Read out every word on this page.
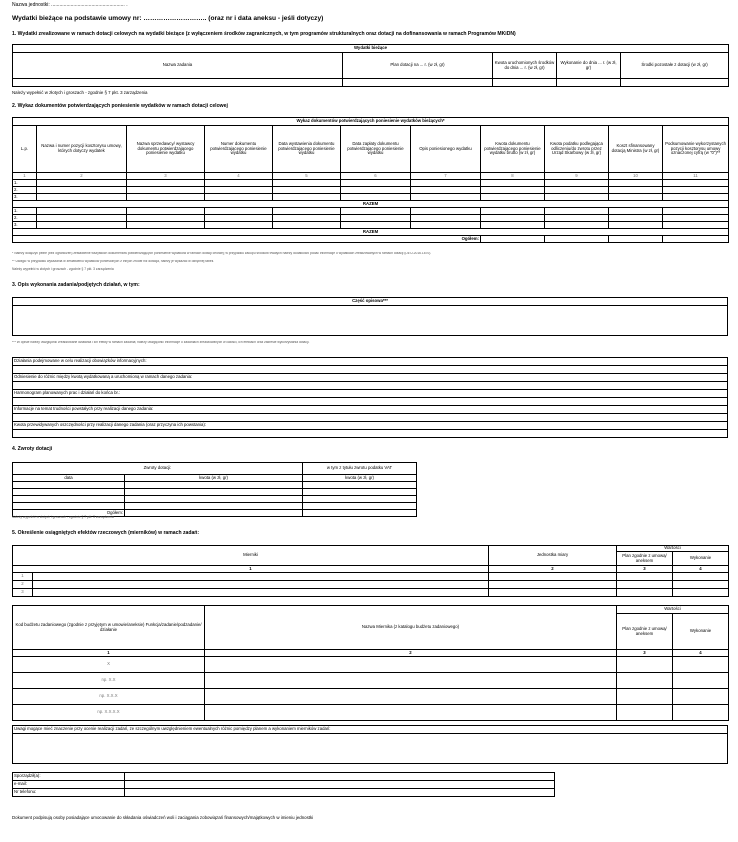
Nazwa jednostki: ..................................................... .
Wydatki bieżące na podstawie umowy nr: ……………………….. (oraz nr i data aneksu - jeśli dotyczy)
1. Wydatki zrealizowane w ramach dotacji celowych na wydatki bieżące (z wyłączeniem środków zagranicznych, w tym programów strukturalnych oraz dotacji na dofinansowania w ramach Programów MKiDN)
Wydatki bieżące				
Nazwa zadania	Plan dotacji na ... r. (w zł, gr)	Kwota uruchomionych środków do dnia ... r. (w zł, gr)	Wykonanie do dnia ... r. (w zł, gr)	Środki pozostałe z dotacji (w zł, gr)

Należy wypełnić w złotych i groszach - zgodnie § 7 pkt. 3 zarządzenia
2. Wykaz dokumentów potwierdzających poniesienie wydatków w ramach dotacji celowej
Wykaz dokumentów potwierdzających poniesienie wydatków bieżących*										
L.p.	Nazwa i numer pozycji kosztorysu umowy, których dotyczy wydatek	Nazwa sprzedawcy/ wystawcy dokumentu potwierdzającego poniesienie wydatku	Numer dokumentu potwierdzającego poniesienie wydatku	Data wystawienia dokumentu potwierdzającego poniesienie wydatku	Data zapłaty dokumentu potwierdzającego poniesienie wydatku	Opis poniesionego wydatku	Kwota dokumentu potwierdzającego poniesienie wydatku brutto (w zł, gr)	Kwota podatku podlegająca odliczeniu/do zwrotu przez Urząd Skarbowy (w zł, gr)	Koszt sfinansowany dotacją Ministra (w zł, gr)	Podsumowanie wykorzystanych pozycji kosztorysu umowy oznaczonej cyfrą (w "0")**
1	2	3	4	5	6	7	8	9	10	11
1.										
2.										
3.										
RAZEM										
1.										
2.										
3.										
RAZEM										
Ogółem:										
* Należy dołączyć pełne (bez ograniczeń) zestawienie wszystkich dokumentów potwierdzających poniesienie wydatków w ramach dotacji celowej; w przypadku zakupu środków trwałych należy dodatkowo podać informacje o wydatkach zrealizowanych w ramach dotacji (Dz.U.2016.1870).
** Uwaga: w przypadku wykazania w zestawieniu wydatków poniesionych z innych źródeł niż dotacja, należy je wykazać w odrębnej tabeli.
Należy wypełnić w złotych i groszach - zgodnie § 7 pkt. 3 zarządzenia
3. Opis wykonania zadania/podjętych działań, w tym:
Część opisowa***

*** W opisie należy uwzględnić zrealizowane działania i ich efekty w ramach zadania; należy uwzględnić informacje o zadaniach zrealizowanych w całości, ich efektach oraz zakresie wykorzystania dotacji.
Działania podejmowane w celu realizacji obowiązków informacyjnych:

Odniesienie do różnic między kwotą wydatkowaną a uruchomioną w ramach danego zadania:

Harmonogram planowanych prac i działań do końca br.:

Informacje na temat trudności powstałych przy realizacji danego zadania:

Kwota przewidywanych oszczędności przy realizacji danego zadania (oraz przyczyna ich powstania):

4. Zwroty dotacji
Zwroty dotacji:		w tym z tytułu zwrotu podatku VAT
data	kwota (w zł, gr)	kwota (w zł, gr)

Ogółem:		
Należy wypełnić w złotych i groszach - zgodnie § 7 pkt. 3 zarządzenia
5. Określenie osiągniętych efektów rzeczowych (mierników) w ramach zadań:
Mierniki		Jednostka miary	Wartości	
			Plan zgodnie z umową/ aneksem	Wykonanie
1		2	3	4
1				
2				
3				
Kod budżetu zadaniowego (zgodnie z przyjętym w umowie/aneksie) Funkcja/zadanie/podzadanie/ działanie	Nazwa Miernika (z katalogu budżetu zadaniowego)	Wartości	
		Plan zgodnie z umową/ aneksem	Wykonanie
1	2	3	4
X			
np. X.X			
np. X.X.X			
np. X.X.X.X			
Uwagi mogące mieć znaczenie przy ocenie realizacji zadań, ze szczególnym uwzględnieniem ewentualnych różnic pomiędzy planem a wykonaniem mierników zadań:

Sporządził(a):	
e-mail:	
Nr telefonu:	
Dokument podpisują osoby posiadające umocowanie do składania oświadczeń woli i zaciągania zobowiązań finansowych/majątkowych w imieniu jednostki
